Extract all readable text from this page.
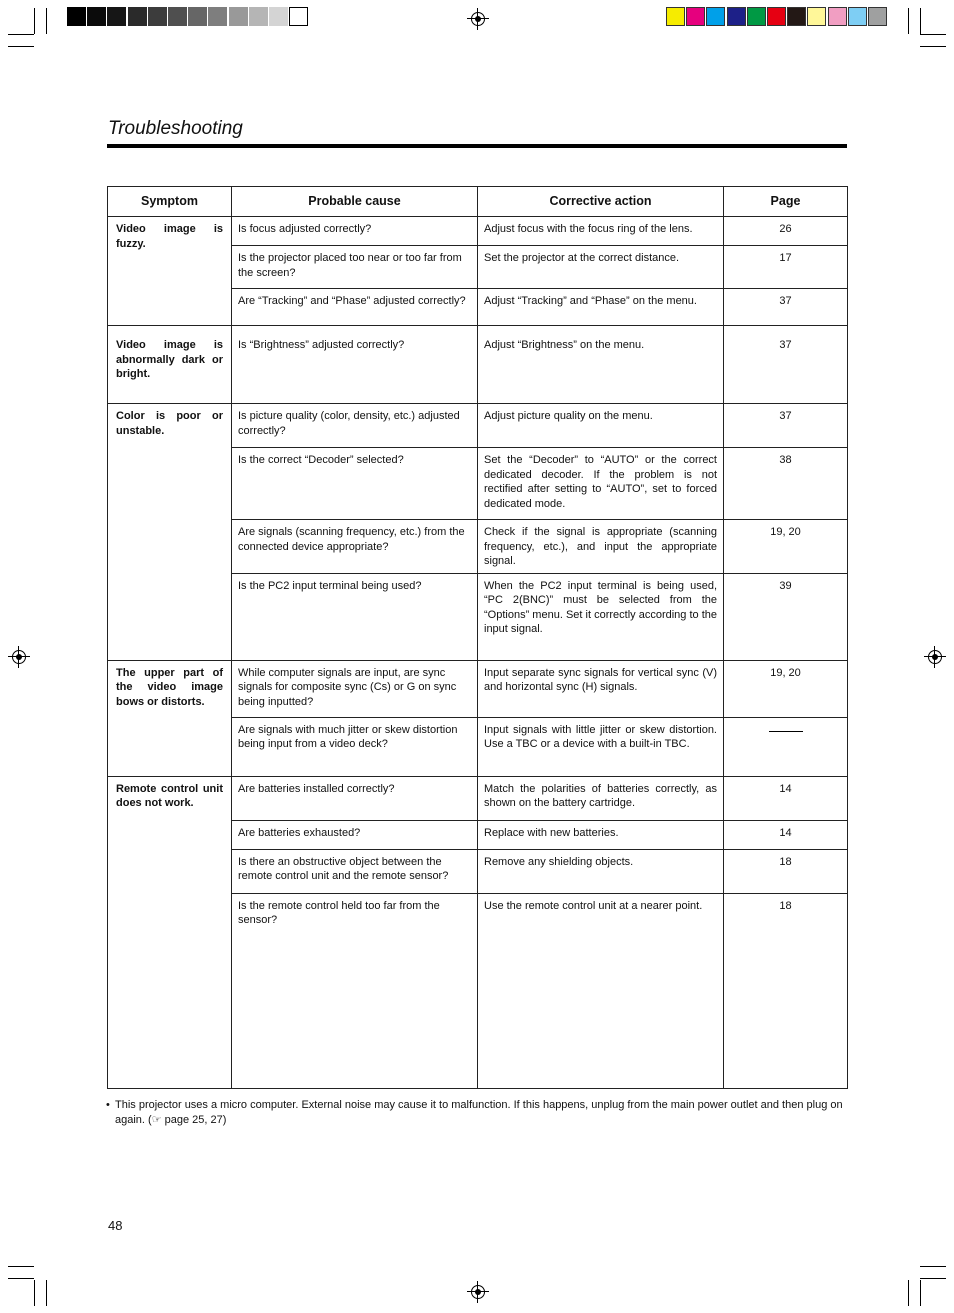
Troubleshooting
Symptom	Probable cause	Corrective action	Page
Video image is fuzzy.	Is focus adjusted correctly?	Adjust focus with the focus ring of the lens.	26
	Is the projector placed too near or too far from the screen?	Set the projector at the correct distance.	17
	Are “Tracking” and “Phase” adjusted correctly?	Adjust “Tracking” and “Phase” on the menu.	37
Video image is abnormally dark or bright.	Is “Brightness” adjusted correctly?	Adjust “Brightness” on the menu.	37
Color is poor or unstable.	Is picture quality (color, density, etc.) adjusted correctly?	Adjust picture quality on the menu.	37
	Is the correct “Decoder” selected?	Set the “Decoder” to “AUTO” or the correct dedicated decoder. If the problem is not rectified after setting to “AUTO”, set to forced dedicated mode.	38
	Are signals (scanning frequency, etc.) from the connected device appropriate?	Check if the signal is appropriate (scanning frequency, etc.), and input the appropriate signal.	19, 20
	Is the PC2 input terminal being used?	When the PC2 input terminal is being used, “PC 2(BNC)” must be selected from the “Options” menu. Set it correctly according to the input signal.	39
The upper part of the video image bows or distorts.	While computer signals are input, are sync signals for composite sync (Cs) or G on sync being inputted?	Input separate sync signals for vertical sync (V) and horizontal sync (H) signals.	19, 20
	Are signals with much jitter or skew distortion being input from a video deck?	Input signals with little jitter or skew distortion. Use a TBC or a device with a built-in TBC.	
Remote control unit does not work.	Are batteries installed correctly?	Match the polarities of batteries correctly, as shown on the battery cartridge.	14
	Are batteries exhausted?	Replace with new batteries.	14
	Is there an obstructive object between the remote control unit and the remote sensor?	Remove any shielding objects.	18
	Is the remote control held too far from the sensor?	Use the remote control unit at a nearer point.	18
• This projector uses a micro computer. External noise may cause it to malfunction. If this happens, unplug from the main power outlet and then plug on again. (☞ page 25, 27)
48
